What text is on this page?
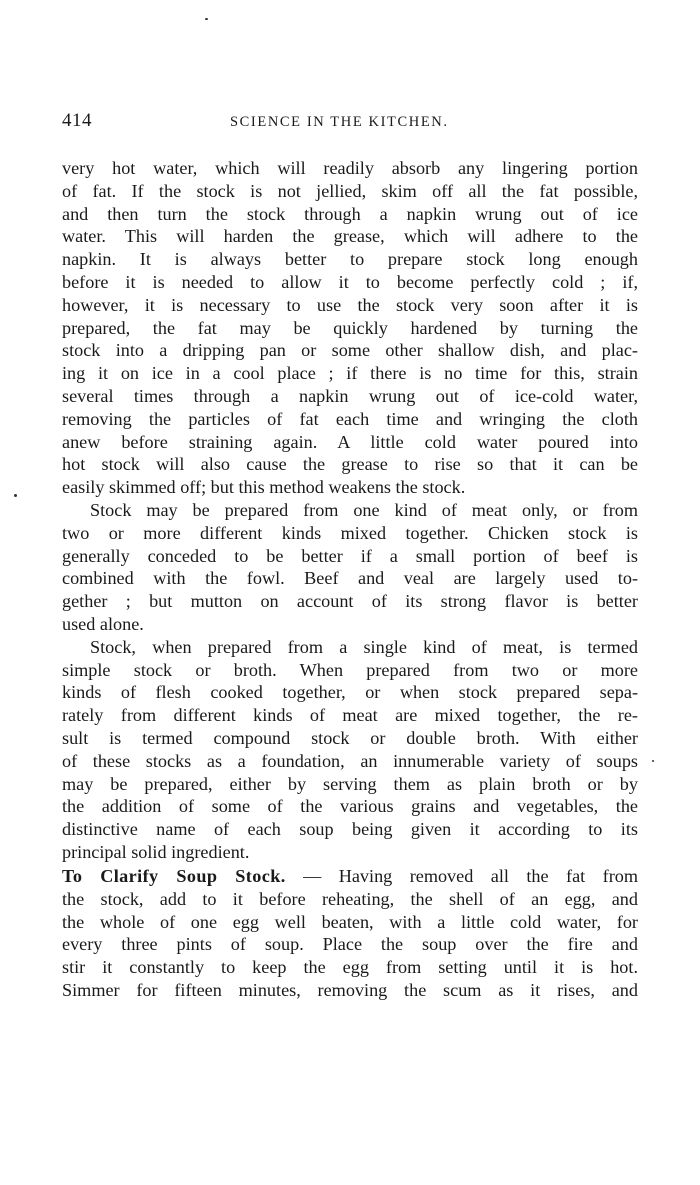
414	SCIENCE IN THE KITCHEN.
very hot water, which will readily absorb any lingering portion
of fat. If the stock is not jellied, skim off all the fat possible,
and then turn the stock through a napkin wrung out of ice
water. This will harden the grease, which will adhere to the
napkin. It is always better to prepare stock long enough
before it is needed to allow it to become perfectly cold ; if,
however, it is necessary to use the stock very soon after it is
prepared, the fat may be quickly hardened by turning the
stock into a dripping pan or some other shallow dish, and plac-
ing it on ice in a cool place ; if there is no time for this, strain
several times through a napkin wrung out of ice-cold water,
removing the particles of fat each time and wringing the cloth
anew before straining again. A little cold water poured into
hot stock will also cause the grease to rise so that it can be
easily skimmed off; but this method weakens the stock.
Stock may be prepared from one kind of meat only, or from
two or more different kinds mixed together. Chicken stock is
generally conceded to be better if a small portion of beef is
combined with the fowl. Beef and veal are largely used to-
gether ; but mutton on account of its strong flavor is better
used alone.
Stock, when prepared from a single kind of meat, is termed
simple stock or broth. When prepared from two or more
kinds of flesh cooked together, or when stock prepared sepa-
rately from different kinds of meat are mixed together, the re-
sult is termed compound stock or double broth. With either
of these stocks as a foundation, an innumerable variety of soups
may be prepared, either by serving them as plain broth or by
the addition of some of the various grains and vegetables, the
distinctive name of each soup being given it according to its
principal solid ingredient.
To Clarify Soup Stock. — Having removed all the fat from
the stock, add to it before reheating, the shell of an egg, and
the whole of one egg well beaten, with a little cold water, for
every three pints of soup. Place the soup over the fire and
stir it constantly to keep the egg from setting until it is hot.
Simmer for fifteen minutes, removing the scum as it rises, and
